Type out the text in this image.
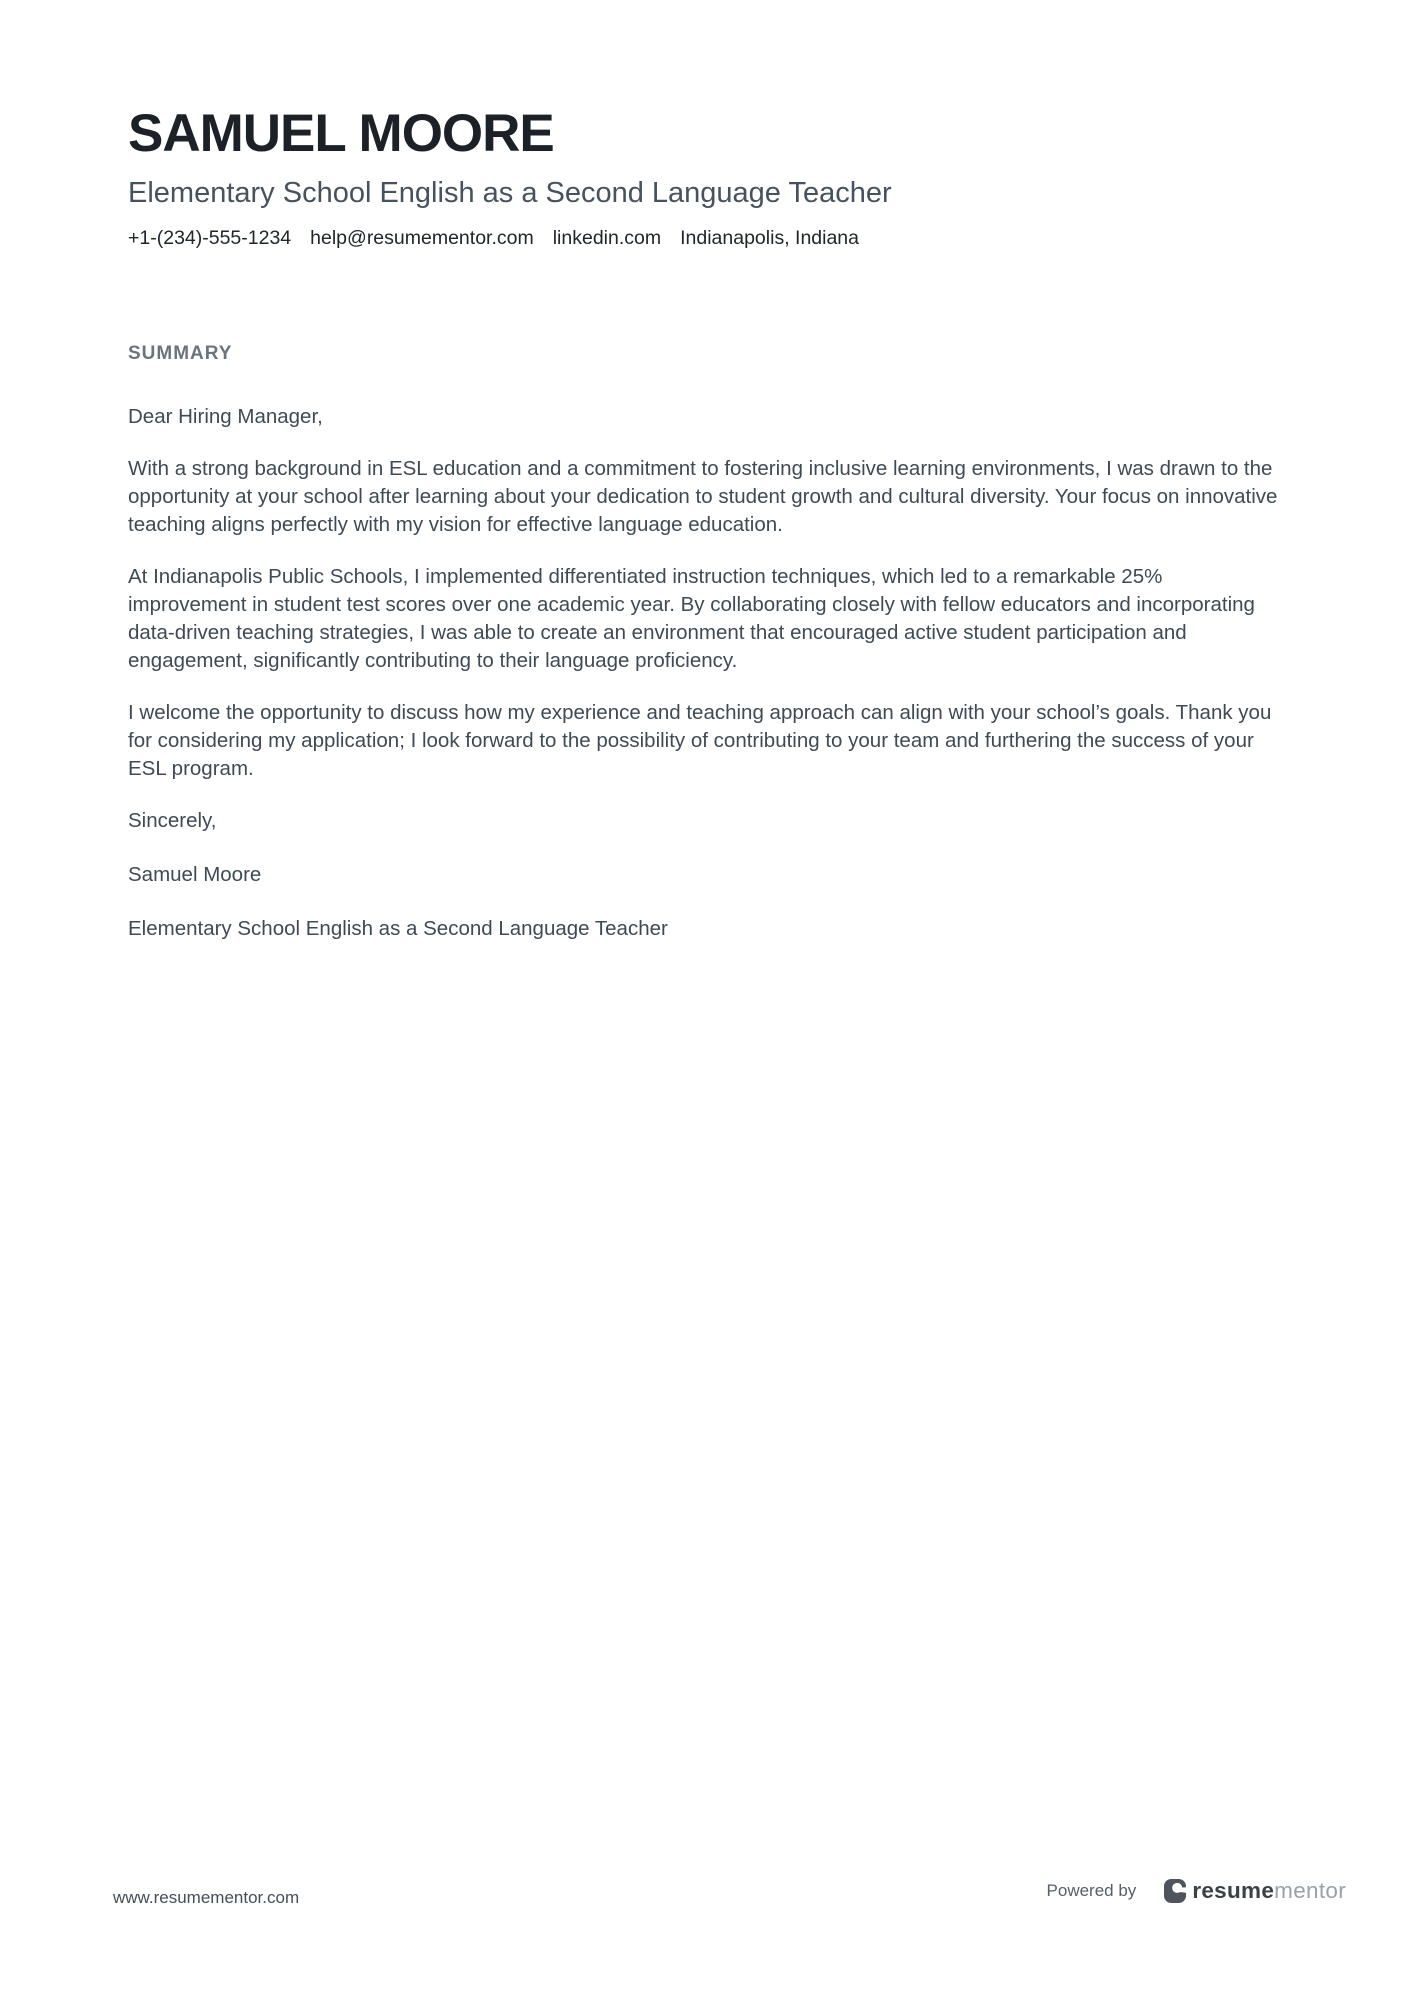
SAMUEL MOORE
Elementary School English as a Second Language Teacher
+1-(234)-555-1234 help@resumementor.com linkedin.com Indianapolis, Indiana
SUMMARY

Dear Hiring Manager,

With a strong background in ESL education and a commitment to fostering inclusive learning environments, I was drawn to the opportunity at your school after learning about your dedication to student growth and cultural diversity. Your focus on innovative teaching aligns perfectly with my vision for effective language education.

At Indianapolis Public Schools, I implemented differentiated instruction techniques, which led to a remarkable 25% improvement in student test scores over one academic year. By collaborating closely with fellow educators and incorporating data-driven teaching strategies, I was able to create an environment that encouraged active student participation and engagement, significantly contributing to their language proficiency.

I welcome the opportunity to discuss how my experience and teaching approach can align with your school’s goals. Thank you for considering my application; I look forward to the possibility of contributing to your team and furthering the success of your ESL program.

Sincerely,

Samuel Moore

Elementary School English as a Second Language Teacher

www.resumementor.com	Powered by resume mentor
